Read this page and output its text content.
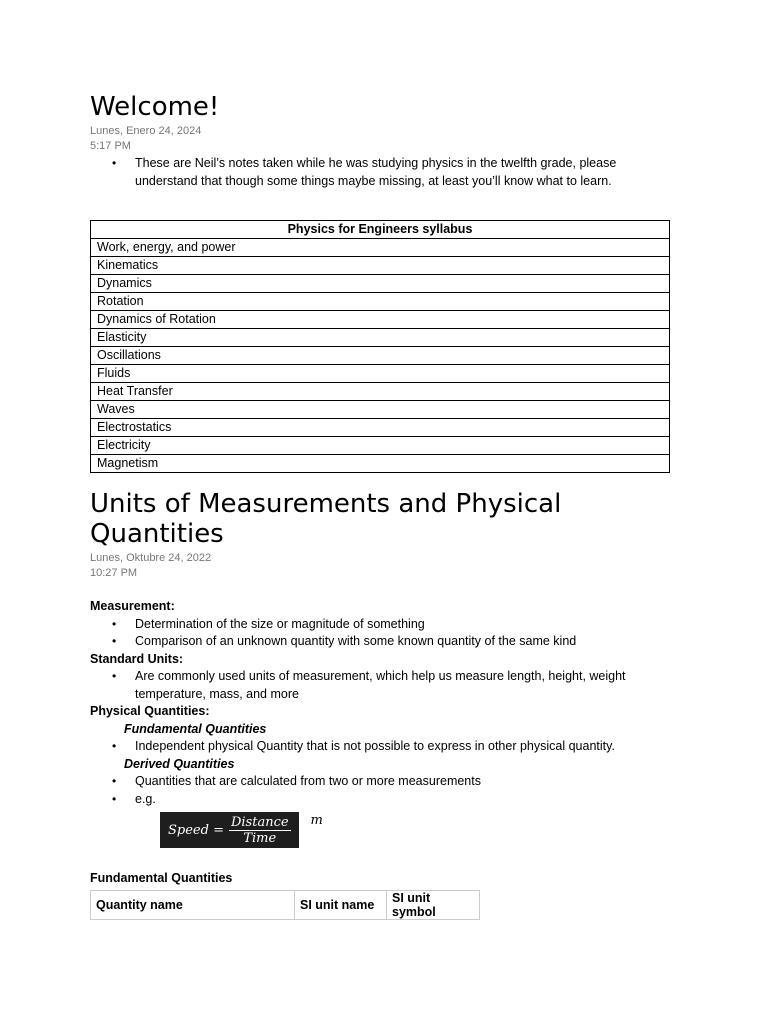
Welcome!
Lunes, Enero 24, 2024
5:17 PM
• These are Neil’s notes taken while he was studying physics in the twelfth grade, please
understand that though some things maybe missing, at least you’ll know what to learn.
Physics for Engineers syllabus
Work, energy, and power
Kinematics
Dynamics
Rotation
Dynamics of Rotation
Elasticity
Oscillations
Fluids
Heat Transfer
Waves
Electrostatics
Electricity
Magnetism
Units of Measurements and Physical
Quantities
Lunes, Oktubre 24, 2022
10:27 PM
Measurement:
• Determination of the size or magnitude of something
• Comparison of an unknown quantity with some known quantity of the same kind
Standard Units:
• Are commonly used units of measurement, which help us measure length, height, weight
temperature, mass, and more
Physical Quantities:
Fundamental Quantities
• Independent physical Quantity that is not possible to express in other physical quantity.
Derived Quantities
• Quantities that are calculated from two or more measurements
• e.g.
Speed = $\frac{\text{Distance}}{\text{Time}}$ m
Fundamental Quantities
Quantity name	SI unit name	SI unit symbol
